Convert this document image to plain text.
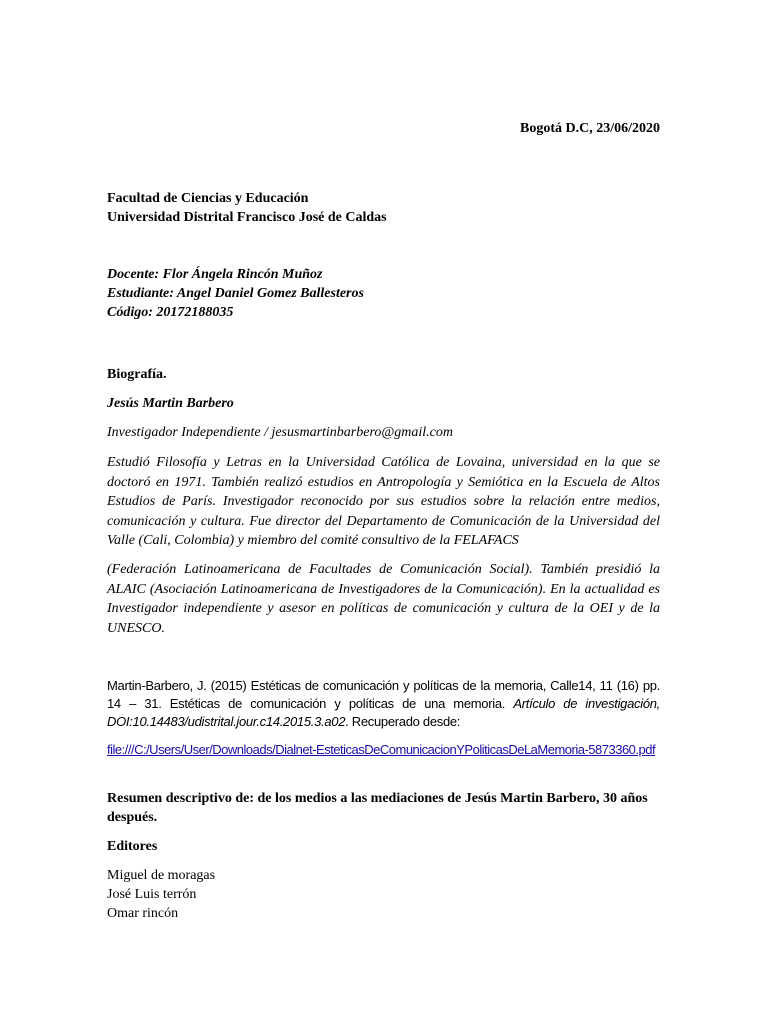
Bogotá D.C, 23/06/2020

Facultad de Ciencias y Educación
Universidad Distrital Francisco José de Caldas
Docente: Flor Ángela Rincón Muñoz
Estudiante: Angel Daniel Gomez Ballesteros
Código: 20172188035
Biografía.
Jesús Martin Barbero
Investigador Independiente / jesusmartinbarbero@gmail.com

Estudió Filosofía y Letras en la Universidad Católica de Lovaina, universidad en la que se doctoró en 1971. También realizó estudios en Antropología y Semiótica en la Escuela de Altos Estudios de París. Investigador reconocido por sus estudios sobre la relación entre medios, comunicación y cultura. Fue director del Departamento de Comunicación de la Universidad del Valle (Cali, Colombia) y miembro del comité consultivo de la FELAFACS

(Federación Latinoamericana de Facultades de Comunicación Social). También presidió la ALAIC (Asociación Latinoamericana de Investigadores de la Comunicación). En la actualidad es Investigador independiente y asesor en políticas de comunicación y cultura de la OEI y de la UNESCO.

Martin-Barbero, J. (2015) Estéticas de comunicación y políticas de la memoria, Calle14, 11 (16) pp. 14 – 31. Estéticas de comunicación y políticas de una memoria. Artículo de investigación, DOI:10.14483/udistrital.jour.c14.2015.3.a02. Recuperado desde:

file:///C:/Users/User/Downloads/Dialnet-EsteticasDeComunicacionYPoliticasDeLaMemoria-5873360.pdf

Resumen descriptivo de: de los medios a las mediaciones de Jesús Martin Barbero, 30 años después.

Editores
Miguel de moragas
José Luis terrón
Omar rincón
